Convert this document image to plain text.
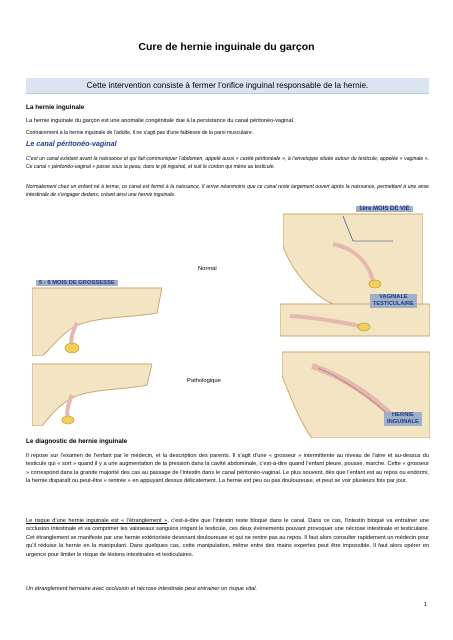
Cure de hernie inguinale du garçon
Cette intervention consiste à fermer l’orifice inguinal responsable de la hernie.
La hernie inguinale
La hernie inguinale du garçon est une anomalie congénitale due à la persistance du canal péritonéo-vaginal.
Contrairement à la hernie inguinale de l’adulte, il ne s’agit pas d’une faiblesse de la paroi musculaire.
Le canal péritonéo-vaginal
C’est un canal existant avant la naissance et qui fait communiquer l’abdomen, appelé aussi « cavité péritonéale », à l’enveloppe située autour du testicule, appelée « vaginale ». Ce canal « péritonéo-vaginal » passe sous la peau, dans le pli inguinal, et suit le cordon qui mène au testicule.
Normalement chez un enfant né à terme, ce canal est fermé à la naissance. Il arrive néanmoins que ce canal reste largement ouvert après la naissance, permettant à une anse intestinale de s’engager dedans, créant ainsi une hernie inguinale.
1ère MOIS DE VIE
Normal
5 - 6 MOIS DE GROSSESSE
VAGINALE
TESTICULAIRE
Pathologique
HERNIE
INGUINALE
Le diagnostic de hernie inguinale
Il repose sur l’examen de l’enfant par le médecin, et la description des parents. Il s’agit d’une « grosseur » intermittente au niveau de l’aine et au-dessus du testicule qui « sort » quand il y a une augmentation de la pression dans la cavité abdominale, c’est-à-dire quand l’enfant pleure, pousse, marche. Cette « grosseur » correspond dans la grande majorité des cas au passage de l’intestin dans le canal péritonéo-vaginal. Le plus souvent, dès que l’enfant est au repos ou endormi, la hernie disparaît ou peut-être « rentrée » en appuyant dessus délicatement. La hernie est peu ou pas douloureuse, et peut se voir plusieurs fois par jour.
Le risque d’une hernie inguinale est « l’étranglement », c’est-à-dire que l’intestin reste bloqué dans le canal. Dans ce cas, l’intestin bloqué va entraîner une occlusion intestinale et va comprimer les vaisseaux sanguins irrigant le testicule, ces deux évènements pouvant provoquer une nécrose intestinale et testiculaire. Cet étranglement se manifeste par une hernie extériorisée devenant douloureuse et qui ne rentre pas au repos. Il faut alors consulter rapidement un médecin pour qu’il réduise la hernie en la manipulant. Dans quelques cas, cette manipulation, même entre des mains expertes peut être impossible. Il faut alors opérer en urgence pour limiter le risque de lésions intestinales et testiculaires.
Un étranglement herniaire avec occlusion et nécrose intestinale peut entrainer un risque vital.
1
